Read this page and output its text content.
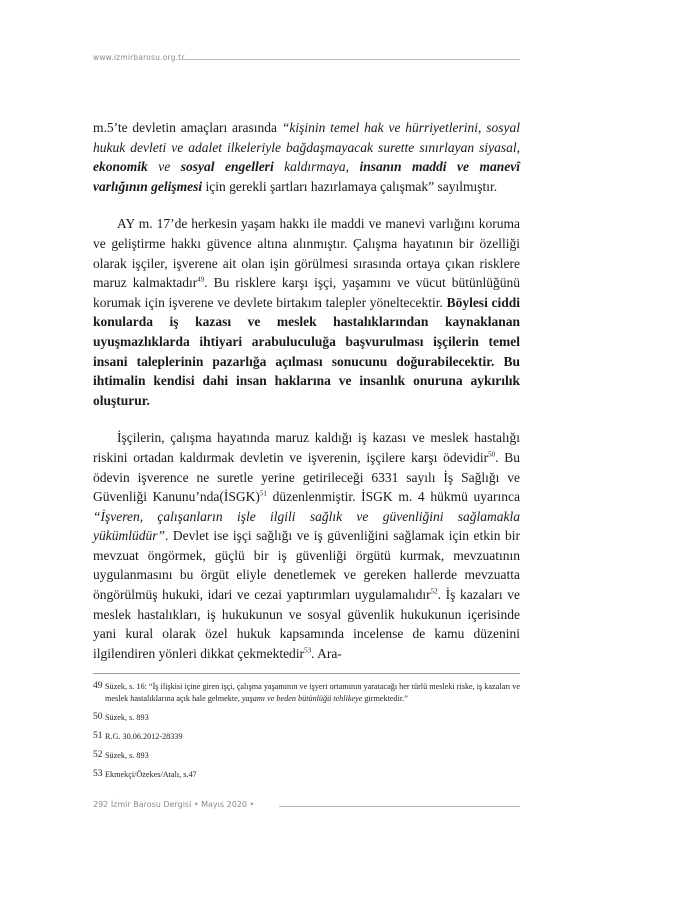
www.izmirbarosu.org.tr

m.5’te devletin amaçları arasında “kişinin temel hak ve hürriyetlerini, sosyal hukuk devleti ve adalet ilkeleriyle bağdaşmayacak surette sınırlayan siyasal, ekonomik ve sosyal engelleri kaldırmaya, insanın maddi ve manevî varlığının gelişmesi için gerekli şartları hazırlamaya çalışmak” sayılmıştır.

AY m. 17’de herkesin yaşam hakkı ile maddi ve manevi varlığını koruma ve geliştirme hakkı güvence altına alınmıştır. Çalışma hayatının bir özelliği olarak işçiler, işverene ait olan işin görülmesi sırasında ortaya çıkan risklere maruz kalmaktadır$^{49}$. Bu risklere karşı işçi, yaşamını ve vücut bütünlüğünü korumak için işverene ve devlete birtakım talepler yöneltecektir. Böylesi ciddi konularda iş kazası ve meslek hastalıklarından kaynaklanan uyuşmazlıklarda ihtiyari arabuluculuğa başvurulması işçilerin temel insani taleplerinin pazarlığa açılması sonucunu doğurabilecektir. Bu ihtimalin kendisi dahi insan haklarına ve insanlık onuruna aykırılık oluşturur.

İşçilerin, çalışma hayatında maruz kaldığı iş kazası ve meslek hastalığı riskini ortadan kaldırmak devletin ve işverenin, işçilere karşı ödevidir$^{50}$. Bu ödevin işverence ne suretle yerine getirileceği 6331 sayılı İş Sağlığı ve Güvenliği Kanunu’nda(İSGK)$^{51}$ düzenlenmiştir. İSGK m. 4 hükmü uyarınca “İşveren, çalışanların işle ilgili sağlık ve güvenliğini sağlamakla yükümlüdür”. Devlet ise işçi sağlığı ve iş güvenliğini sağlamak için etkin bir mevzuat öngörmek, güçlü bir iş güvenliği örgütü kurmak, mevzuatının uygulanmasını bu örgüt eliyle denetlemek ve gereken hallerde mevzuatta öngörülmüş hukuki, idari ve cezai yaptırımları uygulamalıdır$^{52}$. İş kazaları ve meslek hastalıkları, iş hukukunun ve sosyal güvenlik hukukunun içerisinde yani kural olarak özel hukuk kapsamında incelense de kamu düzenini ilgilendiren yönleri dikkat çekmektedir$^{53}$. Ara-

49 Süzek, s. 16: “İş ilişkisi içine giren işçi, çalışma yaşamının ve işyeri ortamının yaratacağı her türlü mesleki riske, iş kazaları ve meslek hastalıklarına açık hale gelmekte, yaşamı ve beden bütünlüğü tehlikeye girmektedir.”
50 Süzek, s. 893
51 R.G. 30.06.2012-28339
52 Süzek, s. 893
53 Ekmekçi/Özekes/Atalı, s.47
292 İzmir Barosu Dergisi • Mayıs 2020 •
